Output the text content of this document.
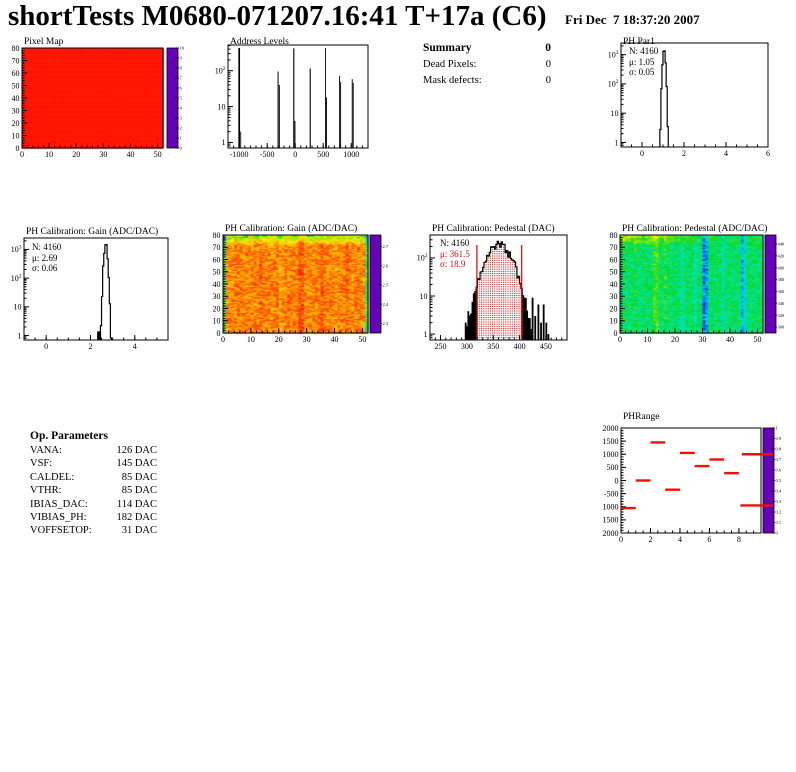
shortTests M0680-071207.16:41 T+17a (C6) Fri Dec  7 18:37:20 2007
0	10 20 30 40 50
0
10
20
30
40
50
60
70
80	10
9
8
7
6
5
4
3
2
1
0
Pixel Map
-1000 -500 0	500 1000
1
10
$10^2$
Address Levels	Summary	0
Dead Pixels:	0
Mask defects:	0
0	2	4	6
1
10
$10^2$
$10^3$
PH Par1
N: 4160
μ: 1.05
σ: 0.05
0	2	4
1
10
$10^2$
$10^3$
PH Calibration: Gain (ADC/DAC)
N: 4160
μ: 2.69
σ: 0.06
0	10 20 30 40 50
0
10
20
30
40
50
60
70
80
2.7
2.6
2.5
2.4
2.3
PH Calibration: Gain (ADC/DAC)
250 300 350 400 450
1
10
$10^2$
PH Calibration: Pedestal (DAC)
N: 4160
μ: 361.5
σ: 18.9
0	10 20 30 40 50
0
10
20
30
40
50
60
70
80
440
420
400
380
360
340
320
300
PH Calibration: Pedestal (ADC/DAC)
Op. Parameters
VANA:	126 DAC
VSF:	145 DAC
CALDEL:	85 DAC
VTHR:	85 DAC
IBIAS_DAC:	114 DAC
VIBIAS_PH:	182 DAC
VOFFSETOP:	31 DAC
0	2	4	6	8
2000
1500
1000
500
0
-500
1000
1500
2000
1
0.9
0.8
0.7
0.6
0.5
0.4
0.3
0.2
0.1
0
PHRange
